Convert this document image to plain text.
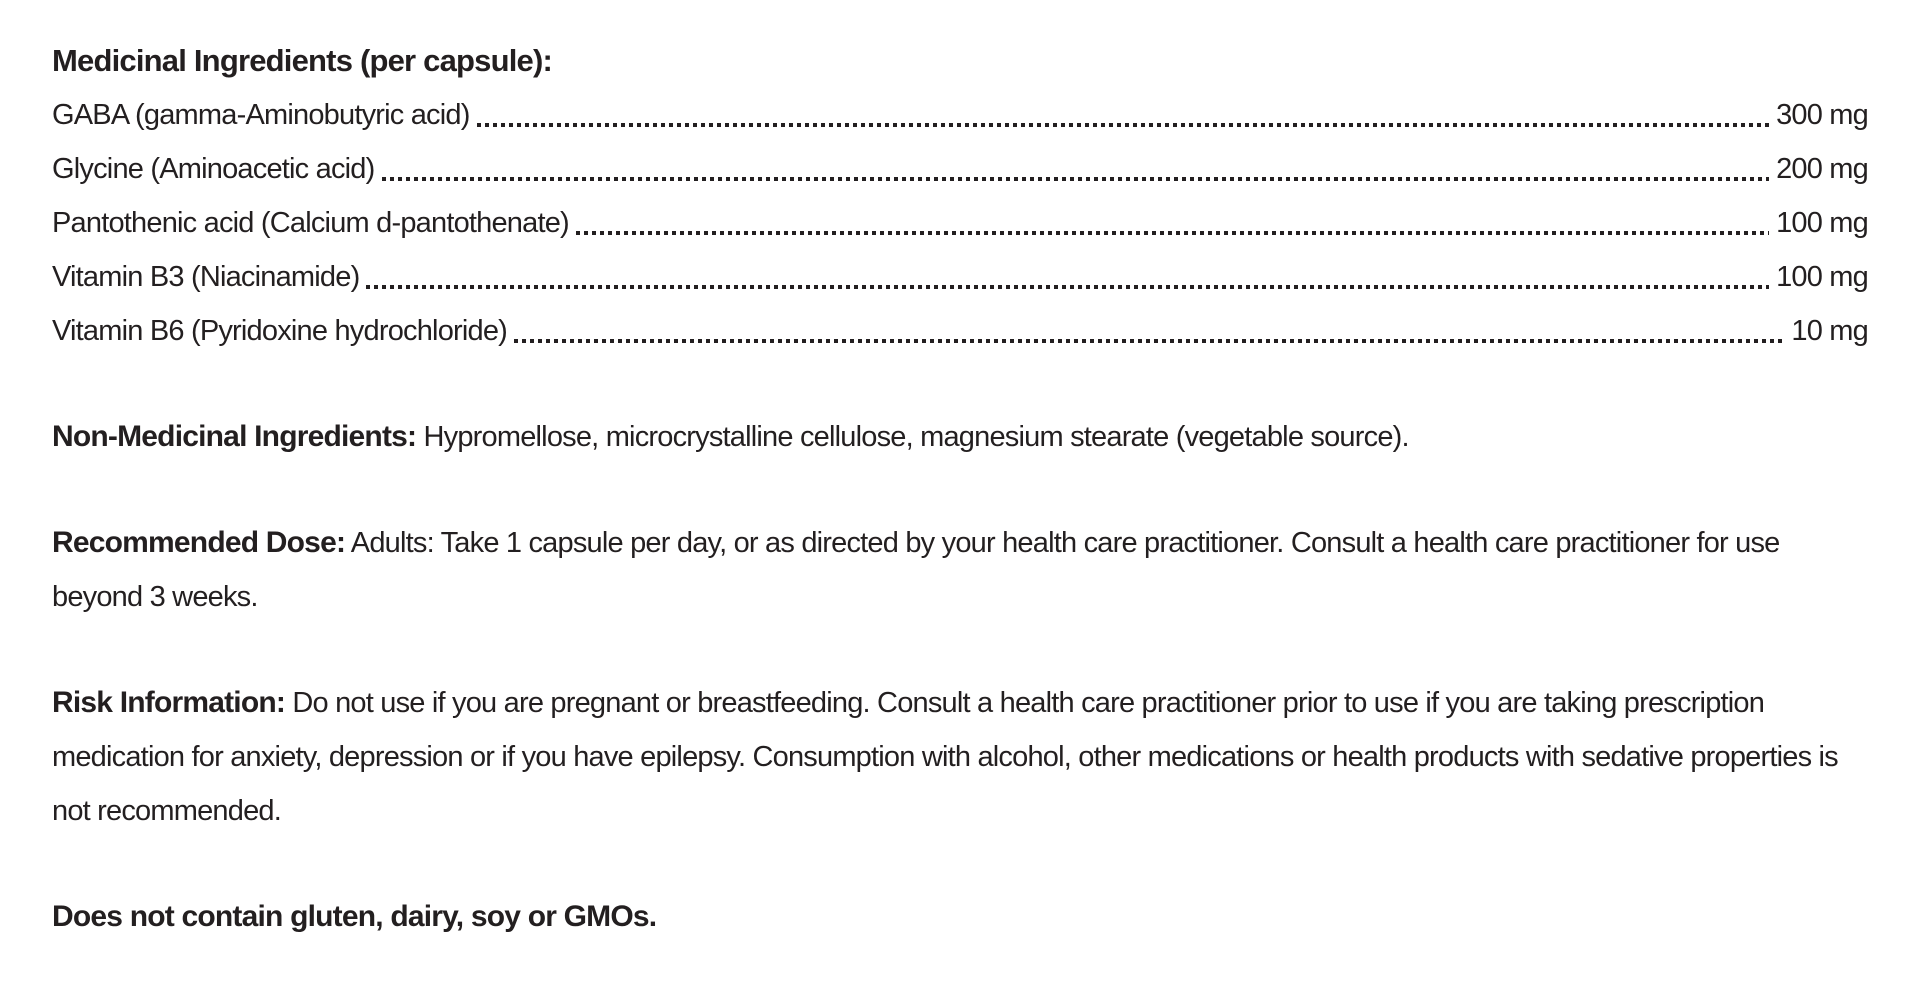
Medicinal Ingredients (per capsule):
GABA (gamma-Aminobutyric acid)	300 mg
Glycine (Aminoacetic acid)	200 mg
Pantothenic acid (Calcium d-pantothenate)	100 mg
Vitamin B3 (Niacinamide)	100 mg
Vitamin B6 (Pyridoxine hydrochloride)	10 mg

Non-Medicinal Ingredients: Hypromellose, microcrystalline cellulose, magnesium stearate (vegetable source).

Recommended Dose: Adults: Take 1 capsule per day, or as directed by your health care practitioner. Consult a health care practitioner for use beyond 3 weeks.

Risk Information: Do not use if you are pregnant or breastfeeding. Consult a health care practitioner prior to use if you are taking prescription medication for anxiety, depression or if you have epilepsy. Consumption with alcohol, other medications or health products with sedative properties is not recommended.

Does not contain gluten, dairy, soy or GMOs.
